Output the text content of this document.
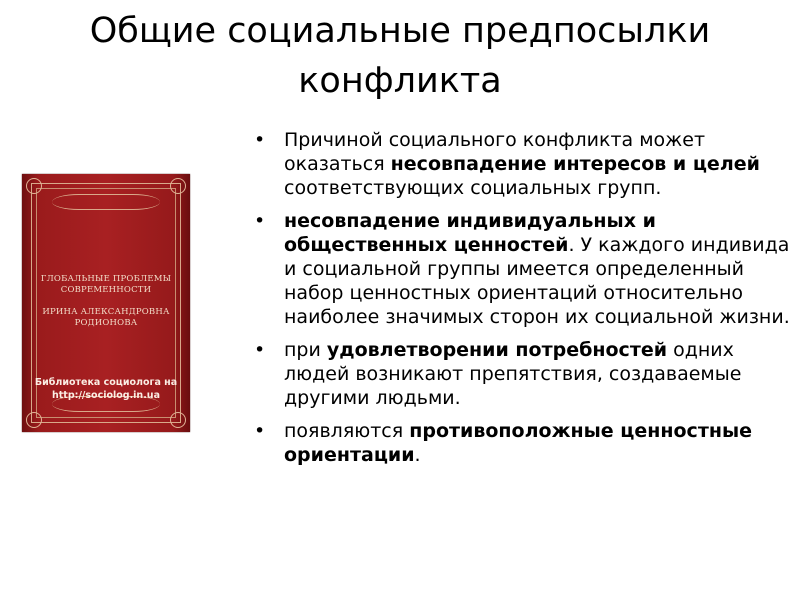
Общие социальные предпосылки конфликта
ГЛОБАЛЬНЫЕ ПРОБЛЕМЫ СОВРЕМЕННОСТИ
ИРИНА АЛЕКСАНДРОВНА РОДИОНОВА
Библиотека социолога на
http://sociolog.in.ua
• Причиной социального конфликта может оказаться несовпадение интересов и целей соответствующих социальных групп.
• несовпадение индивидуальных и общественных ценностей. У каждого индивида и социальной группы имеется определенный набор ценностных ориентаций относительно наиболее значимых сторон их социальной жизни.
• при удовлетворении потребностей одних людей возникают препятствия, создаваемые другими людьми.
• появляются противоположные ценностные ориентации.
